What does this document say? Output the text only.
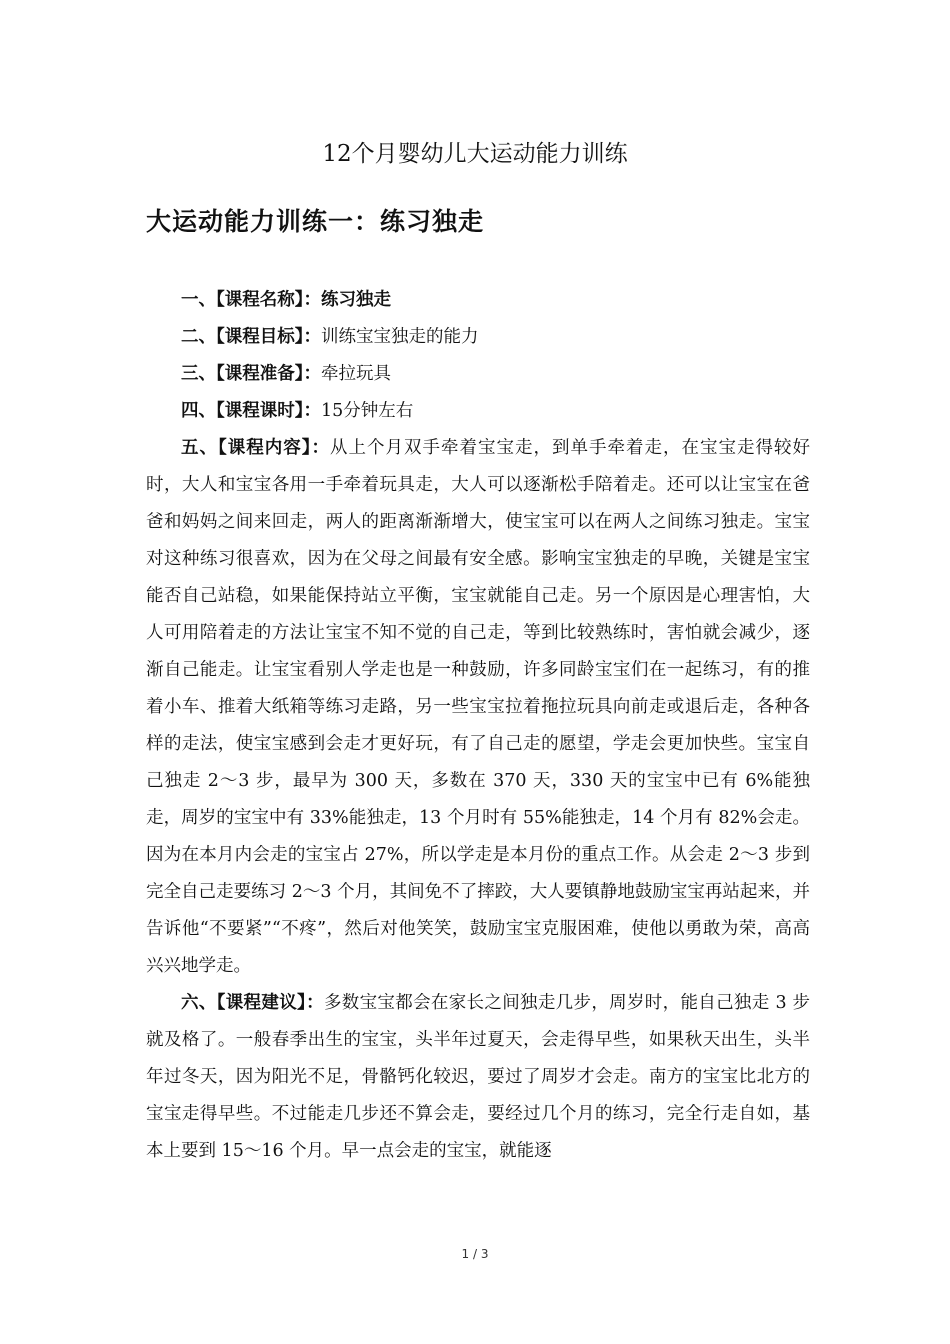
12个月婴幼儿大运动能力训练
大运动能力训练一：练习独走
一、【课程名称】：练习独走
二、【课程目标】：训练宝宝独走的能力
三、【课程准备】：牵拉玩具
四、【课程课时】：15分钟左右
五、【课程内容】：从上个月双手牵着宝宝走，到单手牵着走，在宝宝走得较好时，大人和宝宝各用一手牵着玩具走，大人可以逐渐松手陪着走。还可以让宝宝在爸爸和妈妈之间来回走，两人的距离渐渐增大，使宝宝可以在两人之间练习独走。宝宝对这种练习很喜欢，因为在父母之间最有安全感。影响宝宝独走的早晚，关键是宝宝能否自己站稳，如果能保持站立平衡，宝宝就能自己走。另一个原因是心理害怕，大人可用陪着走的方法让宝宝不知不觉的自己走，等到比较熟练时，害怕就会减少，逐渐自己能走。让宝宝看别人学走也是一种鼓励，许多同龄宝宝们在一起练习，有的推着小车、推着大纸箱等练习走路，另一些宝宝拉着拖拉玩具向前走或退后走，各种各样的走法，使宝宝感到会走才更好玩，有了自己走的愿望，学走会更加快些。宝宝自己独走 2～3 步，最早为 300 天，多数在 370 天，330 天的宝宝中已有 6%能独走，周岁的宝宝中有 33%能独走，13 个月时有 55%能独走，14 个月有 82%会走。因为在本月内会走的宝宝占 27%，所以学走是本月份的重点工作。从会走 2～3 步到完全自己走要练习 2～3 个月，其间免不了摔跤，大人要镇静地鼓励宝宝再站起来，并告诉他“不要紧”“不疼”，然后对他笑笑，鼓励宝宝克服困难，使他以勇敢为荣，高高兴兴地学走。
六、【课程建议】：多数宝宝都会在家长之间独走几步，周岁时，能自己独走 3 步就及格了。一般春季出生的宝宝，头半年过夏天，会走得早些，如果秋天出生，头半年过冬天，因为阳光不足，骨骼钙化较迟，要过了周岁才会走。南方的宝宝比北方的宝宝走得早些。不过能走几步还不算会走，要经过几个月的练习，完全行走自如，基本上要到 15～16 个月。早一点会走的宝宝，就能逐
1 / 3
